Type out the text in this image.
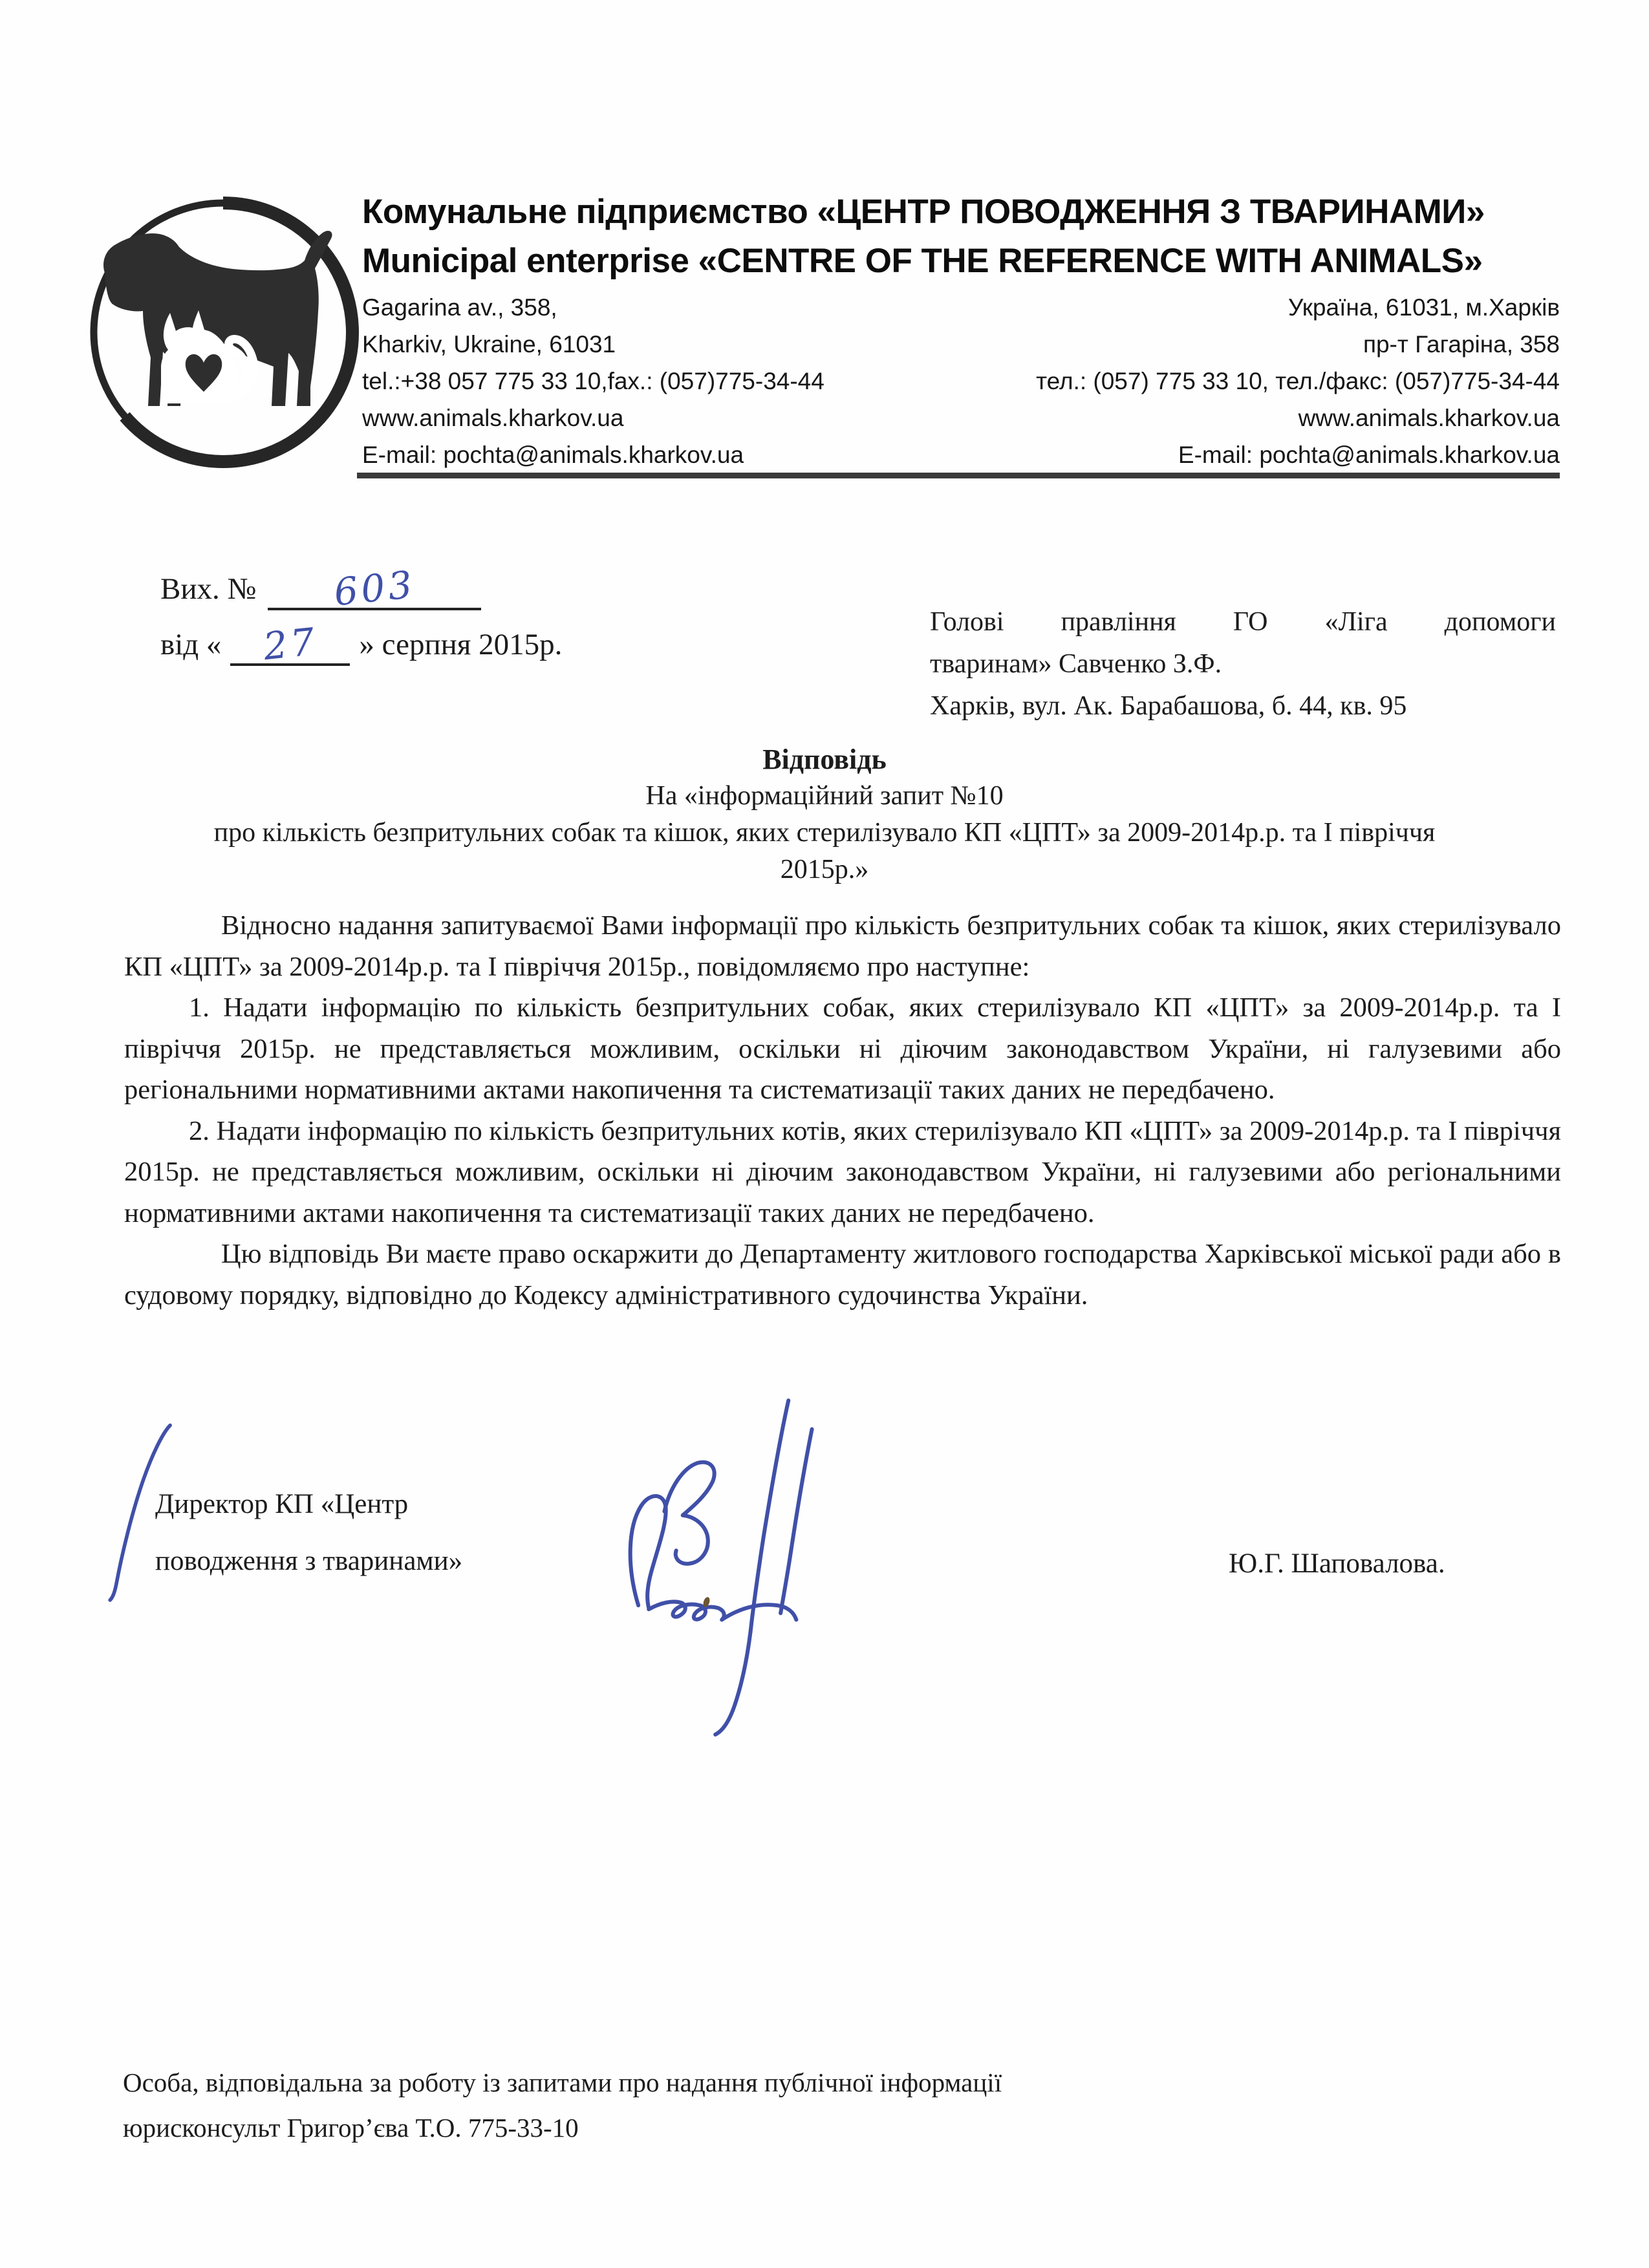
Комунальне підприємство «ЦЕНТР ПОВОДЖЕННЯ З ТВАРИНАМИ»
Municipal enterprise «CENTRE OF THE REFERENCE WITH ANIMALS»
Gagarina av., 358,
Kharkiv, Ukraine, 61031
tel.:+38 057 775 33 10,fax.: (057)775-34-44
www.animals.kharkov.ua
E-mail: pochta@animals.kharkov.ua
Україна, 61031, м.Харків
пр-т Гагаріна, 358
тел.: (057) 775 33 10, тел./факс: (057)775-34-44
www.animals.kharkov.ua
E-mail: pochta@animals.kharkov.ua
Вих. № 603
від « 27 » серпня 2015р.
Голові правління ГО «Ліга допомоги
тваринам» Савченко З.Ф.
Харків, вул. Ак. Барабашова, б. 44, кв. 95
Відповідь
На «інформаційний запит №10
про кількість безпритульних собак та кішок, яких стерилізувало КП «ЦПТ» за 2009-2014р.р. та І півріччя
2015р.»

Відносно надання запитуваємої Вами інформації про кількість безпритульних собак та кішок, яких стерилізувало КП «ЦПТ» за 2009-2014р.р. та І півріччя 2015р., повідомляємо про наступне:

1. Надати інформацію по кількість безпритульних собак, яких стерилізувало КП «ЦПТ» за 2009-2014р.р. та І півріччя 2015р. не представляється можливим, оскільки ні діючим законодавством України, ні галузевими або регіональними нормативними актами накопичення та систематизації таких даних не передбачено.

2. Надати інформацію по кількість безпритульних котів, яких стерилізувало КП «ЦПТ» за 2009-2014р.р. та І півріччя 2015р. не представляється можливим, оскільки ні діючим законодавством України, ні галузевими або регіональними нормативними актами накопичення та систематизації таких даних не передбачено.

Цю відповідь Ви маєте право оскаржити до Департаменту житлового господарства Харківської міської ради або в судовому порядку, відповідно до Кодексу адміністративного судочинства України.

Директор КП «Центр
поводження з тваринами»	Ю.Г. Шаповалова.
Особа, відповідальна за роботу із запитами про надання публічної інформації
юрисконсульт Григор’єва Т.О. 775-33-10
